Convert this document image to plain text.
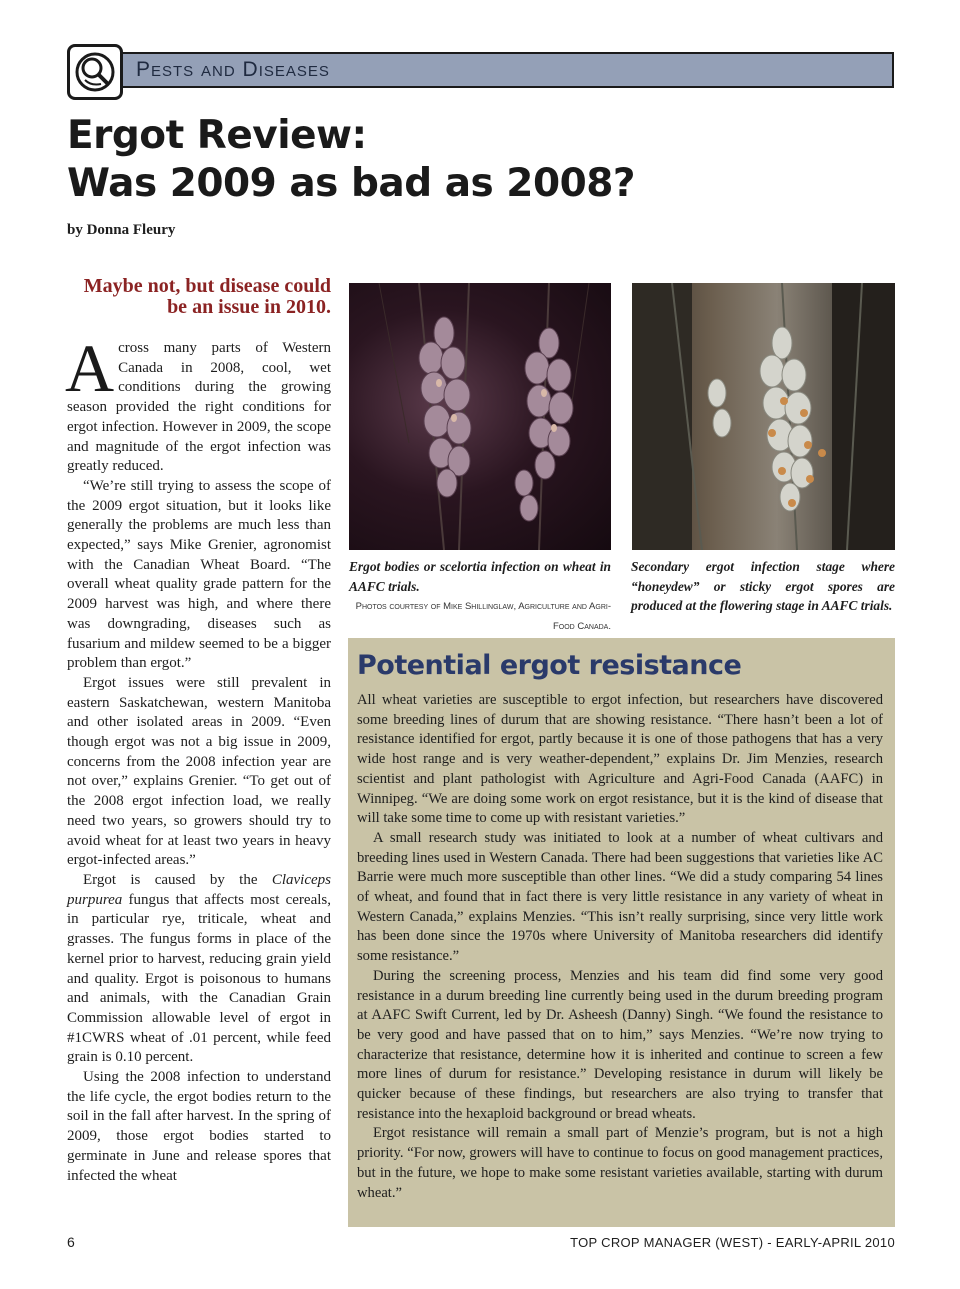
Pests and Diseases
Ergot Review:
Was 2009 as bad as 2008?
by Donna Fleury
Maybe not, but disease could be an issue in 2010.

Across many parts of Western Canada in 2008, cool, wet conditions during the growing season provided the right conditions for ergot infection. However in 2009, the scope and magnitude of the ergot infection was greatly reduced.

“We’re still trying to assess the scope of the 2009 ergot situation, but it looks like generally the problems are much less than expected,” says Mike Grenier, agronomist with the Canadian Wheat Board. “The overall wheat quality grade pattern for the 2009 harvest was high, and where there was downgrading, diseases such as fusarium and mildew seemed to be a bigger problem than ergot.”

Ergot issues were still prevalent in eastern Saskatchewan, western Manitoba and other isolated areas in 2009. “Even though ergot was not a big issue in 2009, concerns from the 2008 infection year are not over,” explains Grenier. “To get out of the 2008 ergot infection load, we really need two years, so growers should try to avoid wheat for at least two years in heavy ergot-infected areas.”

Ergot is caused by the Claviceps purpurea fungus that affects most cereals, in particular rye, triticale, wheat and grasses. The fungus forms in place of the kernel prior to harvest, reducing grain yield and quality. Ergot is poisonous to humans and animals, with the Canadian Grain Commission allowable level of ergot in #1CWRS wheat of .01 percent, while feed grain is 0.10 percent.

Using the 2008 infection to understand the life cycle, the ergot bodies return to the soil in the fall after harvest. In the spring of 2009, those ergot bodies started to germinate in June and release spores that infected the wheat

Ergot bodies or scelortia infection on wheat in AAFC trials.
Photos courtesy of Mike Shillinglaw, Agriculture and Agri-Food Canada.
Secondary ergot infection stage where “honeydew” or sticky ergot spores are produced at the flowering stage in AAFC trials.
Potential ergot resistance

All wheat varieties are susceptible to ergot infection, but researchers have discovered some breeding lines of durum that are showing resistance. “There hasn’t been a lot of resistance identified for ergot, partly because it is one of those pathogens that has a very wide host range and is very weather-dependent,” explains Dr. Jim Menzies, research scientist and plant pathologist with Agriculture and Agri-Food Canada (AAFC) in Winnipeg. “We are doing some work on ergot resistance, but it is the kind of disease that will take some time to come up with resistant varieties.”

A small research study was initiated to look at a number of wheat cultivars and breeding lines used in Western Canada. There had been suggestions that varieties like AC Barrie were much more susceptible than other lines. “We did a study comparing 54 lines of wheat, and found that in fact there is very little resistance in any variety of wheat in Western Canada,” explains Menzies. “This isn’t really surprising, since very little work has been done since the 1970s where University of Manitoba researchers did identify some resistance.”

During the screening process, Menzies and his team did find some very good resistance in a durum breeding line currently being used in the durum breeding program at AAFC Swift Current, led by Dr. Asheesh (Danny) Singh. “We found the resistance to be very good and have passed that on to him,” says Menzies. “We’re now trying to characterize that resistance, determine how it is inherited and continue to screen a few more lines of durum for resistance.” Developing resistance in durum will likely be quicker because of these findings, but researchers are also trying to transfer that resistance into the hexaploid background or bread wheats.

Ergot resistance will remain a small part of Menzie’s program, but is not a high priority. “For now, growers will have to continue to focus on good management practices, but in the future, we hope to make some resistant varieties available, starting with durum wheat.”

6	TOP CROP MANAGER (WEST) - EARLY-APRIL 2010
